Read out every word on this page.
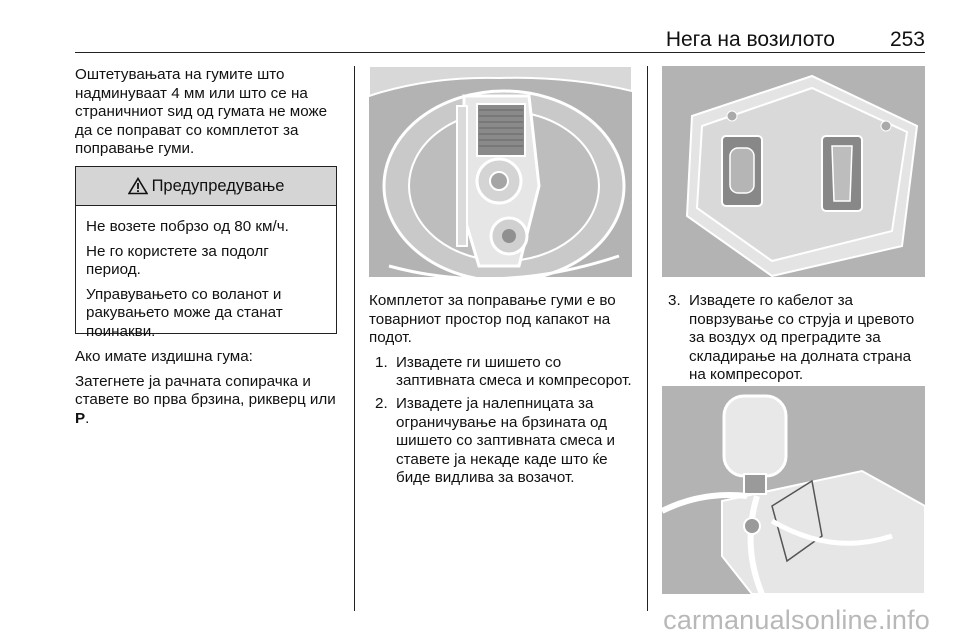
Нега на возилото	253

Оштетувањата на гумите што надминуваат 4 мм или што се на страничниот sид од гумата не може да се поправат со комплетот за поправање гуми.

Предупредување

Не возете побрзо од 80 км/ч.

Не го користете за подолг период.

Управувањето со воланот и ракувањето може да станат поинакви.

Ако имате издишна гума:

Затегнете ја рачната сопирачка и ставете во прва брзина, рикверц или P.

Комплетот за поправање гуми е во товарниот простор под капакот на подот.

1. Извадете ги шишето со заптивната смеса и компресорот.
2. Извадете ја налепницата за ограничувањe на брзината од шишето со заптивната смеса и ставете ја некаде каде што ќе биде видлива за возачот.
3. Извадете го кабелот за поврзување со струја и цревото за воздух од преградите за складирање на долната страна на компресорот.
carmanualsonline.info
